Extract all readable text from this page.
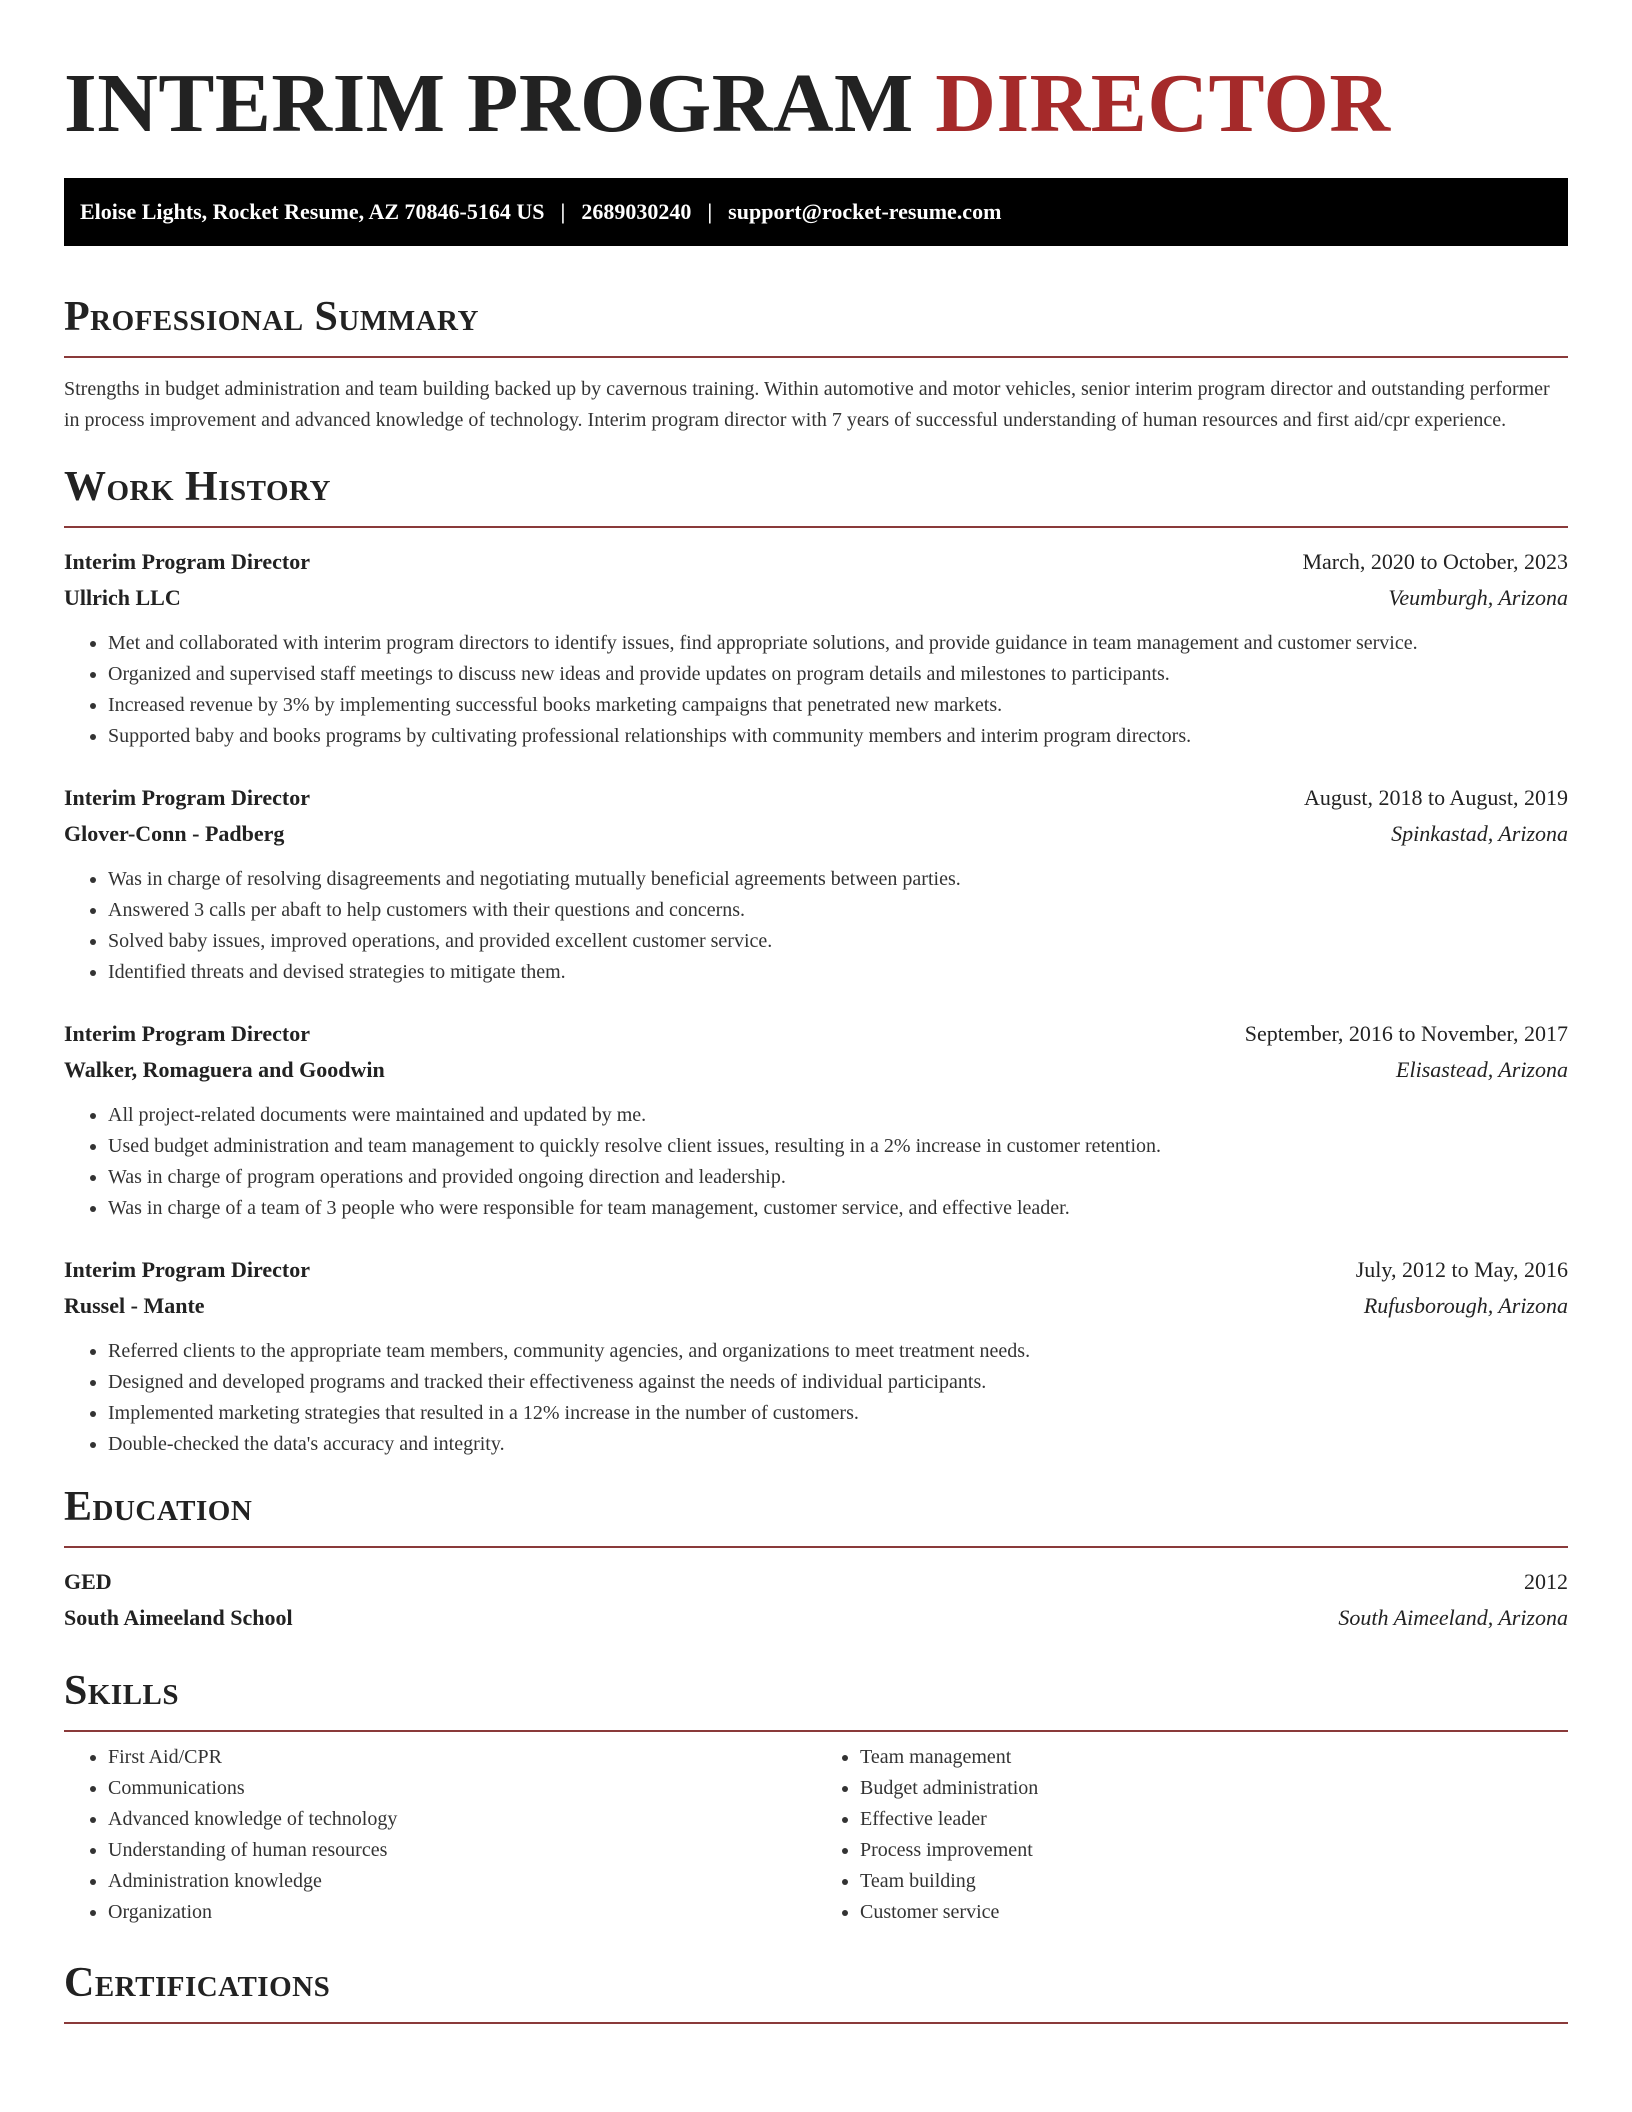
INTERIM PROGRAM DIRECTOR
Eloise Lights, Rocket Resume, AZ 70846-5164 US | 2689030240 | support@rocket-resume.com
Professional Summary

Strengths in budget administration and team building backed up by cavernous training. Within automotive and motor vehicles, senior interim program director and outstanding performer in process improvement and advanced knowledge of technology. Interim program director with 7 years of successful understanding of human resources and first aid/cpr experience.

Work History
Interim Program Director	March, 2020 to October, 2023
Ullrich LLC	Veumburgh, Arizona
• Met and collaborated with interim program directors to identify issues, find appropriate solutions, and provide guidance in team management and customer service.
• Organized and supervised staff meetings to discuss new ideas and provide updates on program details and milestones to participants.
• Increased revenue by 3% by implementing successful books marketing campaigns that penetrated new markets.
• Supported baby and books programs by cultivating professional relationships with community members and interim program directors.
Interim Program Director	August, 2018 to August, 2019
Glover-Conn - Padberg	Spinkastad, Arizona
• Was in charge of resolving disagreements and negotiating mutually beneficial agreements between parties.
• Answered 3 calls per abaft to help customers with their questions and concerns.
• Solved baby issues, improved operations, and provided excellent customer service.
• Identified threats and devised strategies to mitigate them.
Interim Program Director	September, 2016 to November, 2017
Walker, Romaguera and Goodwin	Elisastead, Arizona
• All project-related documents were maintained and updated by me.
• Used budget administration and team management to quickly resolve client issues, resulting in a 2% increase in customer retention.
• Was in charge of program operations and provided ongoing direction and leadership.
• Was in charge of a team of 3 people who were responsible for team management, customer service, and effective leader.
Interim Program Director	July, 2012 to May, 2016
Russel - Mante	Rufusborough, Arizona
• Referred clients to the appropriate team members, community agencies, and organizations to meet treatment needs.
• Designed and developed programs and tracked their effectiveness against the needs of individual participants.
• Implemented marketing strategies that resulted in a 12% increase in the number of customers.
• Double-checked the data's accuracy and integrity.
Education
GED	2012
South Aimeeland School	South Aimeeland, Arizona
Skills
• First Aid/CPR
• Communications
• Advanced knowledge of technology
• Understanding of human resources
• Administration knowledge
• Organization
• Team management
• Budget administration
• Effective leader
• Process improvement
• Team building
• Customer service
Certifications
